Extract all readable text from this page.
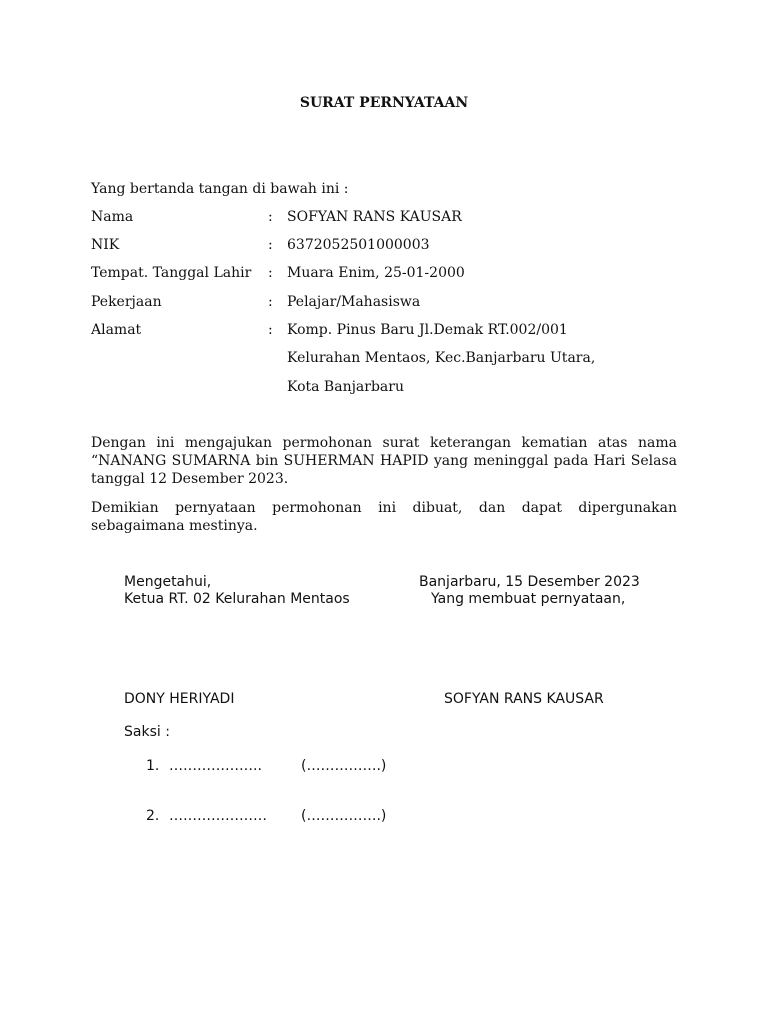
SURAT PERNYATAAN
Yang bertanda tangan di bawah ini :
Nama	: SOFYAN RANS KAUSAR
NIK	: 6372052501000003
Tempat. Tanggal Lahir : Muara Enim, 25-01-2000
Pekerjaan	: Pelajar/Mahasiswa
Alamat	: Komp. Pinus Baru Jl.Demak RT.002/001
Kelurahan Mentaos, Kec.Banjarbaru Utara,
Kota Banjarbaru
Dengan ini mengajukan permohonan surat keterangan kematian atas nama “NANANG SUMARNA bin SUHERMAN HAPID yang meninggal pada Hari Selasa tanggal 12 Desember 2023.
Demikian pernyataan permohonan ini dibuat, dan dapat dipergunakan sebagaimana mestinya.
Mengetahui,
Ketua RT. 02 Kelurahan Mentaos
DONY HERIYADI
Banjarbaru, 15 Desember 2023
Yang membuat pernyataan,
SOFYAN RANS KAUSAR
Saksi :
1. ………………..	(…………….)
2. ………………… (…………….)
